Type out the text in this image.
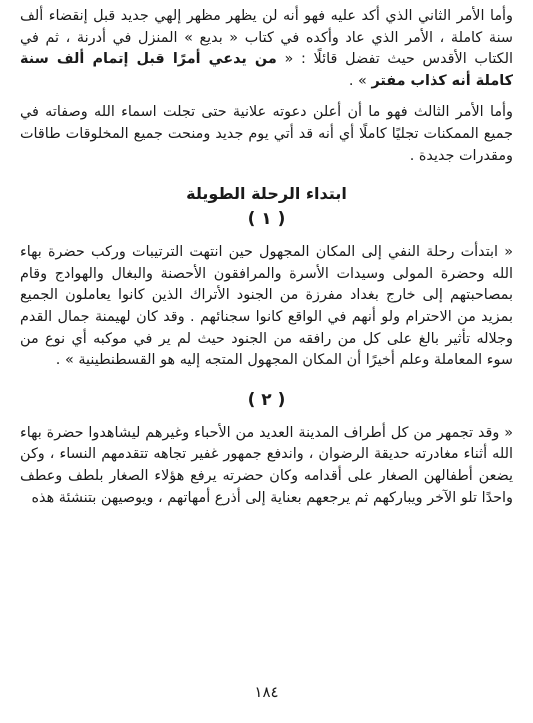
وأما الأمر الثاني الذي أكد عليه فهو أنه لن يظهر مظهر إلهي جديد قبل إنقضاء ألف سنة كاملة ، الأمر الذي عاد وأكده في كتاب « بديع » المنزل في أدرنة ، ثم في الكتاب الأقدس حيث تفضل قائلًا : « من يدعي أمرًا قبل إتمام ألف سنة كاملة أنه كذاب مفتر » .

وأما الأمر الثالث فهو ما أن أعلن دعوته علانية حتى تجلت اسماء الله وصفاته في جميع الممكنات تجليًا كاملًا أي أنه قد أتي يوم جديد ومنحت جميع المخلوقات طاقات ومقدرات جديدة .

ابتداء الرحلة الطويلة

( ١ )

« ابتدأت رحلة النفي إلى المكان المجهول حين انتهت الترتيبات وركب حضرة بهاء الله وحضرة المولى وسيدات الأسرة والمرافقون الأحصنة والبغال والهوادج وقام بمصاحبتهم إلى خارج بغداد مفرزة من الجنود الأتراك الذين كانوا يعاملون الجميع بمزيد من الاحترام ولو أنهم في الواقع كانوا سجنائهم . وقد كان لهيمنة جمال القدم وجلاله تأثير بالغ على كل من رافقه من الجنود حيث لم ير في موكبه أي نوع من سوء المعاملة وعلم أخيرًا أن المكان المجهول المتجه إليه هو القسطنطينية » .

( ٢ )

« وقد تجمهر من كل أطراف المدينة العديد من الأحباء وغيرهم ليشاهدوا حضرة بهاء الله أثناء مغادرته حديقة الرضوان ، واندفع جمهور غفير تجاهه تتقدمهم النساء ، وكن يضعن أطفالهن الصغار على أقدامه وكان حضرته يرفع هؤلاء الصغار بلطف وعطف واحدًا تلو الآخر ويباركهم ثم يرجعهم بعناية إلى أذرع أمهاتهم ، ويوصيهن بتنشئة هذه

١٨٤
